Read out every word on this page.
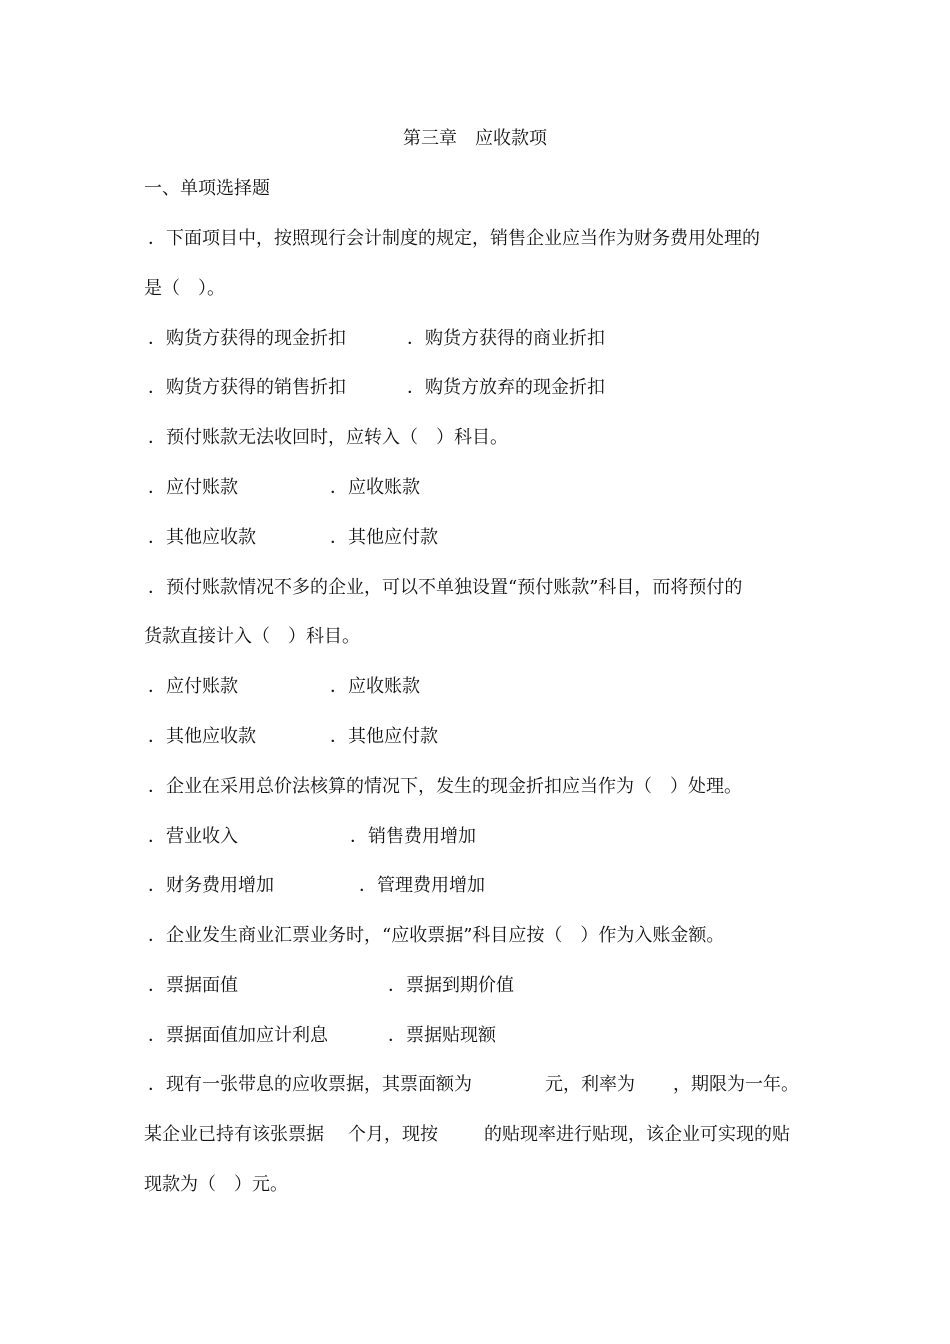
第三章　应收款项
一、单项选择题
．下面项目中，按照现行会计制度的规定，销售企业应当作为财务费用处理的
是（　）。
．购货方获得的现金折扣	．购货方获得的商业折扣
．购货方获得的销售折扣	．购货方放弃的现金折扣
．预付账款无法收回时，应转入（　）科目。
．应付账款	．应收账款
．其他应收款	．其他应付款
．预付账款情况不多的企业，可以不单独设置“预付账款”科目，而将预付的
货款直接计入（　）科目。
．应付账款	．应收账款
．其他应收款	．其他应付款
．企业在采用总价法核算的情况下，发生的现金折扣应当作为（　）处理。
．营业收入	．销售费用增加
．财务费用增加	．管理费用增加
．企业发生商业汇票业务时，“应收票据”科目应按（　）作为入账金额。
．票据面值	．票据到期价值
．票据面值加应计利息	．票据贴现额
．现有一张带息的应收票据，其票面额为	元，利率为 ，期限为一年。
某企业已持有该张票据 个月，现按	的贴现率进行贴现，该企业可实现的贴
现款为（　）元。
